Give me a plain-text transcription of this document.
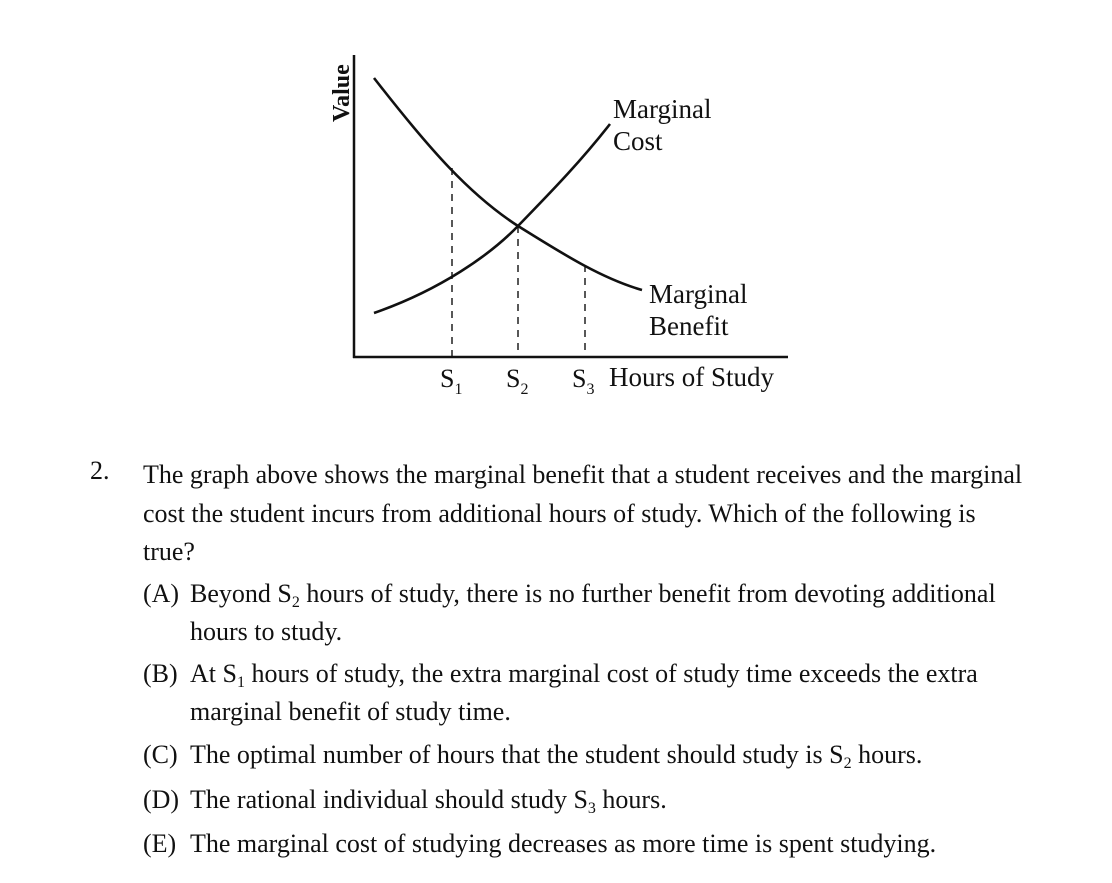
Value	Marginal Cost
Marginal Benefit
$S_1$ $S_2$ $S_3$ Hours of Study
2. The graph above shows the marginal benefit that a student receives and the marginal cost the student incurs from additional hours of study. Which of the following is true?
(A) Beyond $S_2$ hours of study, there is no further benefit from devoting additional hours to study.
(B) At $S_1$ hours of study, the extra marginal cost of study time exceeds the extra marginal benefit of study time.
(C) The optimal number of hours that the student should study is $S_2$ hours.
(D) The rational individual should study $S_3$ hours.
(E) The marginal cost of studying decreases as more time is spent studying.
